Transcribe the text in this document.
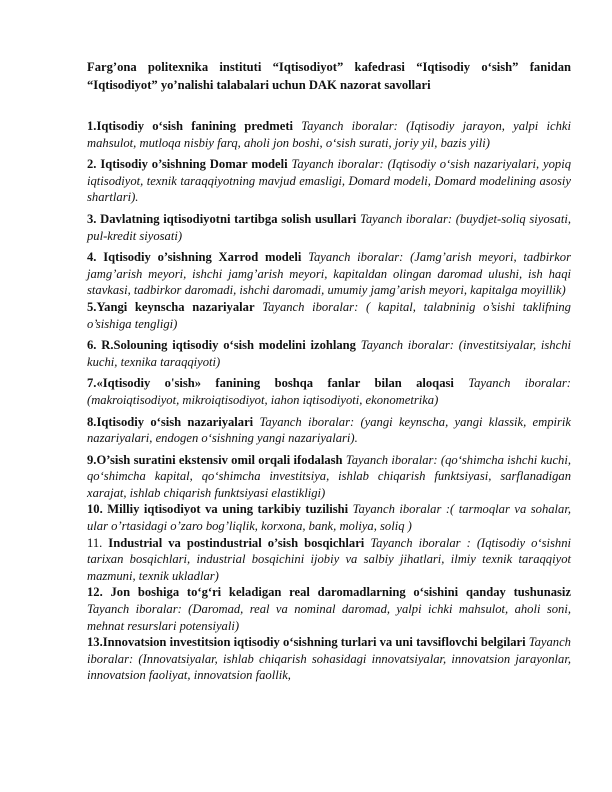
Farg’ona politexnika instituti “Iqtisodiyot” kafedrasi “Iqtisodiy o‘sish” fanidan “Iqtisodiyot” yo’nalishi talabalari uchun DAK nazorat savollari

1.Iqtisodiy o‘sish fanining predmeti Tayanch iboralar: (Iqtisodiy jarayon, yalpi ichki mahsulot, mutloqa nisbiy farq, aholi jon boshi, o‘sish surati, joriy yil, bazis yili)

2. Iqtisodiy o’sishning Domar modeli Tayanch iboralar: (Iqtisodiy o‘sish nazariyalari, yopiq iqtisodiyot, texnik taraqqiyotning mavjud emasligi, Domard modeli, Domard modelining asosiy shartlari).

3. Davlatning iqtisodiyotni tartibga solish usullari Tayanch iboralar: (buydjet-soliq siyosati, pul-kredit siyosati)

4. Iqtisodiy o’sishning Xarrod modeli Tayanch iboralar: (Jamg’arish meyori, tadbirkor jamg’arish meyori, ishchi jamg’arish meyori, kapitaldan olingan daromad ulushi, ish haqi stavkasi, tadbirkor daromadi, ishchi daromadi, umumiy jamg’arish meyori, kapitalga moyillik)

5.Yangi keynscha nazariyalar Tayanch iboralar: ( kapital, talabninig o’sishi taklifning o’sishiga tengligi)

6. R.Solouning iqtisodiy o‘sish modelini izohlang Tayanch iboralar: (investitsiyalar, ishchi kuchi, texnika taraqqiyoti)

7.«Iqtisodiy o'sish» fanining boshqa fanlar bilan aloqasi Tayanch iboralar: (makroiqtisodiyot, mikroiqtisodiyot, iahon iqtisodiyoti, ekonometrika)

8.Iqtisodiy o‘sish nazariyalari Tayanch iboralar: (yangi keynscha, yangi klassik, empirik nazariyalari, endogen o‘sishning yangi nazariyalari).

9.O’sish suratini ekstensiv omil orqali ifodalash Tayanch iboralar: (qo‘shimcha ishchi kuchi, qo‘shimcha kapital, qo‘shimcha investitsiya, ishlab chiqarish funktsiyasi, sarflanadigan xarajat, ishlab chiqarish funktsiyasi elastikligi)

10. Milliy iqtisodiyot va uning tarkibiy tuzilishi Tayanch iboralar :( tarmoqlar va sohalar, ular o’rtasidagi o’zaro bog’liqlik, korxona, bank, moliya, soliq )

11. Industrial va postindustrial o’sish bosqichlari Tayanch iboralar : (Iqtisodiy o‘sishni tarixan bosqichlari, industrial bosqichini ijobiy va salbiy jihatlari, ilmiy texnik taraqqiyot mazmuni, texnik ukladlar)

12. Jon boshiga to‘g‘ri keladigan real daromadlarning o‘sishini qanday tushunasiz Tayanch iboralar: (Daromad, real va nominal daromad, yalpi ichki mahsulot, aholi soni, mehnat resurslari potensiyali)

13.Innovatsion investitsion iqtisodiy o‘sishning turlari va uni tavsiflovchi belgilari Tayanch iboralar: (Innovatsiyalar, ishlab chiqarish sohasidagi innovatsiyalar, innovatsion jarayonlar, innovatsion faoliyat, innovatsion faollik,
